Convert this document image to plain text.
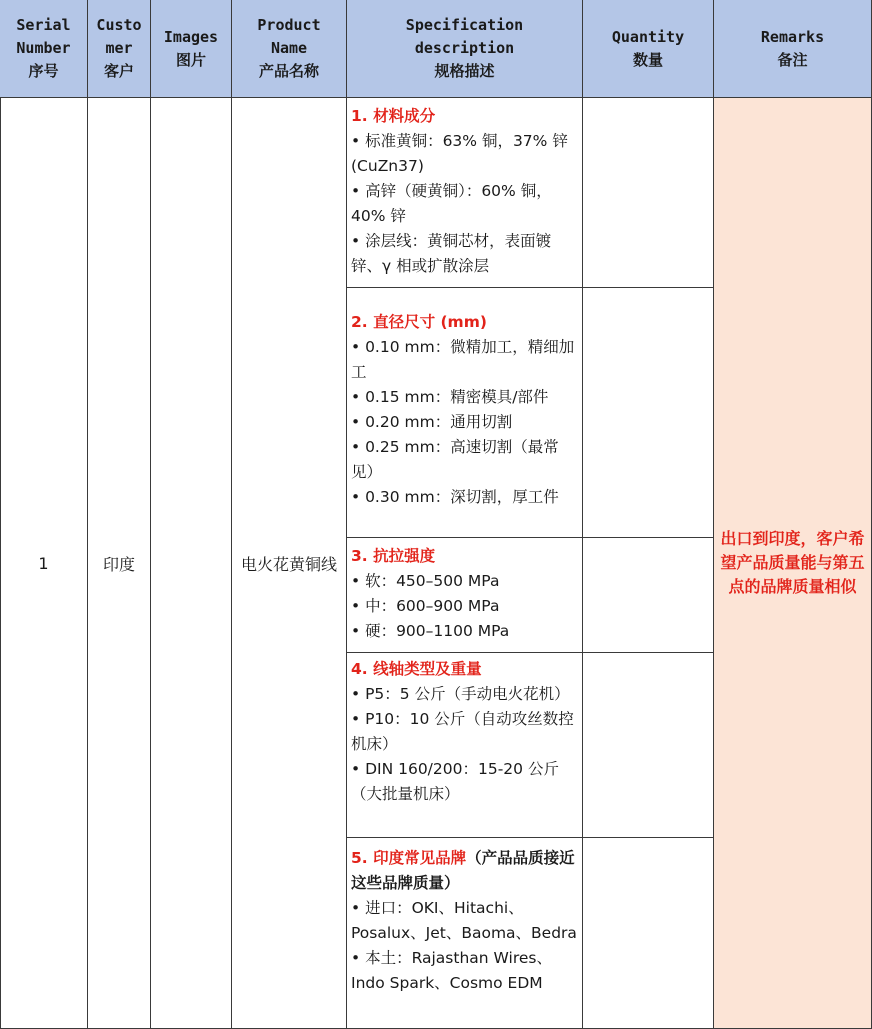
Serial
Number
序号
Custo
mer
客户
Images
图片
Product
Name
产品名称
Specification
description
规格描述
Quantity
数量
Remarks
备注
1	印度	电火花黄铜线
出口到印度，客户希望产品质量能与第五点的品牌质量相似
1. 材料成分
• 标准黄铜：63% 铜，37% 锌 (CuZn37)
• 高锌（硬黄铜）：60% 铜，40% 锌
• 涂层线：黄铜芯材，表面镀锌、γ 相或扩散涂层
2. 直径尺寸 (mm)
• 0.10 mm：微精加工，精细加工
• 0.15 mm：精密模具/部件
• 0.20 mm：通用切割
• 0.25 mm：高速切割（最常见）
• 0.30 mm：深切割，厚工件
3. 抗拉强度
• 软：450–500 MPa
• 中：600–900 MPa
• 硬：900–1100 MPa
4. 线轴类型及重量
• P5：5 公斤（手动电火花机）
• P10：10 公斤（自动攻丝数控机床）
• DIN 160/200：15-20 公斤（大批量机床）
5. 印度常见品牌（产品品质接近这些品牌质量）
• 进口：OKI、Hitachi、Posalux、Jet、Baoma、Bedra
• 本土：Rajasthan Wires、Indo Spark、Cosmo EDM
